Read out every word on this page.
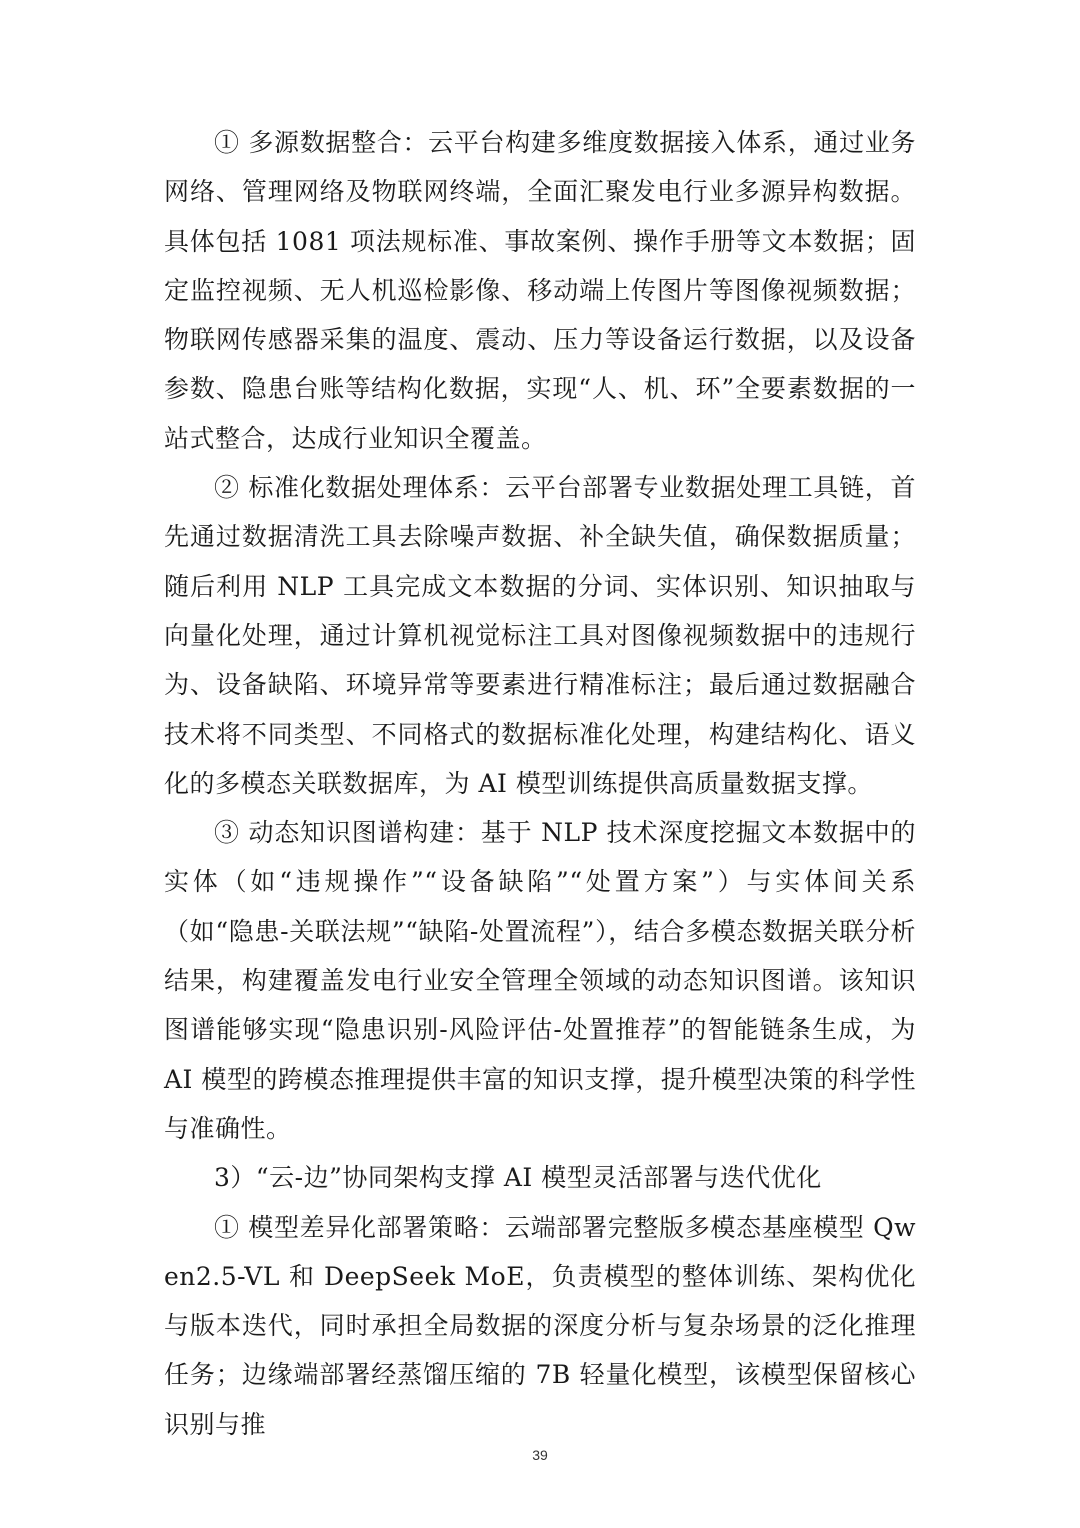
① 多源数据整合：云平台构建多维度数据接入体系，通过业务网络、管理网络及物联网终端，全面汇聚发电行业多源异构数据。具体包括 1081 项法规标准、事故案例、操作手册等文本数据；固定监控视频、无人机巡检影像、移动端上传图片等图像视频数据；物联网传感器采集的温度、震动、压力等设备运行数据，以及设备参数、隐患台账等结构化数据，实现“人、机、环”全要素数据的一站式整合，达成行业知识全覆盖。

② 标准化数据处理体系：云平台部署专业数据处理工具链，首先通过数据清洗工具去除噪声数据、补全缺失值，确保数据质量；随后利用 NLP 工具完成文本数据的分词、实体识别、知识抽取与向量化处理，通过计算机视觉标注工具对图像视频数据中的违规行为、设备缺陷、环境异常等要素进行精准标注；最后通过数据融合技术将不同类型、不同格式的数据标准化处理，构建结构化、语义化的多模态关联数据库，为 AI 模型训练提供高质量数据支撑。

③ 动态知识图谱构建：基于 NLP 技术深度挖掘文本数据中的实体（如“违规操作”“设备缺陷”“处置方案”）与实体间关系（如“隐患-关联法规”“缺陷-处置流程”），结合多模态数据关联分析结果，构建覆盖发电行业安全管理全领域的动态知识图谱。该知识图谱能够实现“隐患识别-风险评估-处置推荐”的智能链条生成，为 AI 模型的跨模态推理提供丰富的知识支撑，提升模型决策的科学性与准确性。

3）“云-边”协同架构支撑 AI 模型灵活部署与迭代优化

① 模型差异化部署策略：云端部署完整版多模态基座模型 Qwen2.5-VL 和 DeepSeek MoE，负责模型的整体训练、架构优化与版本迭代，同时承担全局数据的深度分析与复杂场景的泛化推理任务；边缘端部署经蒸馏压缩的 7B 轻量化模型，该模型保留核心识别与推

39
